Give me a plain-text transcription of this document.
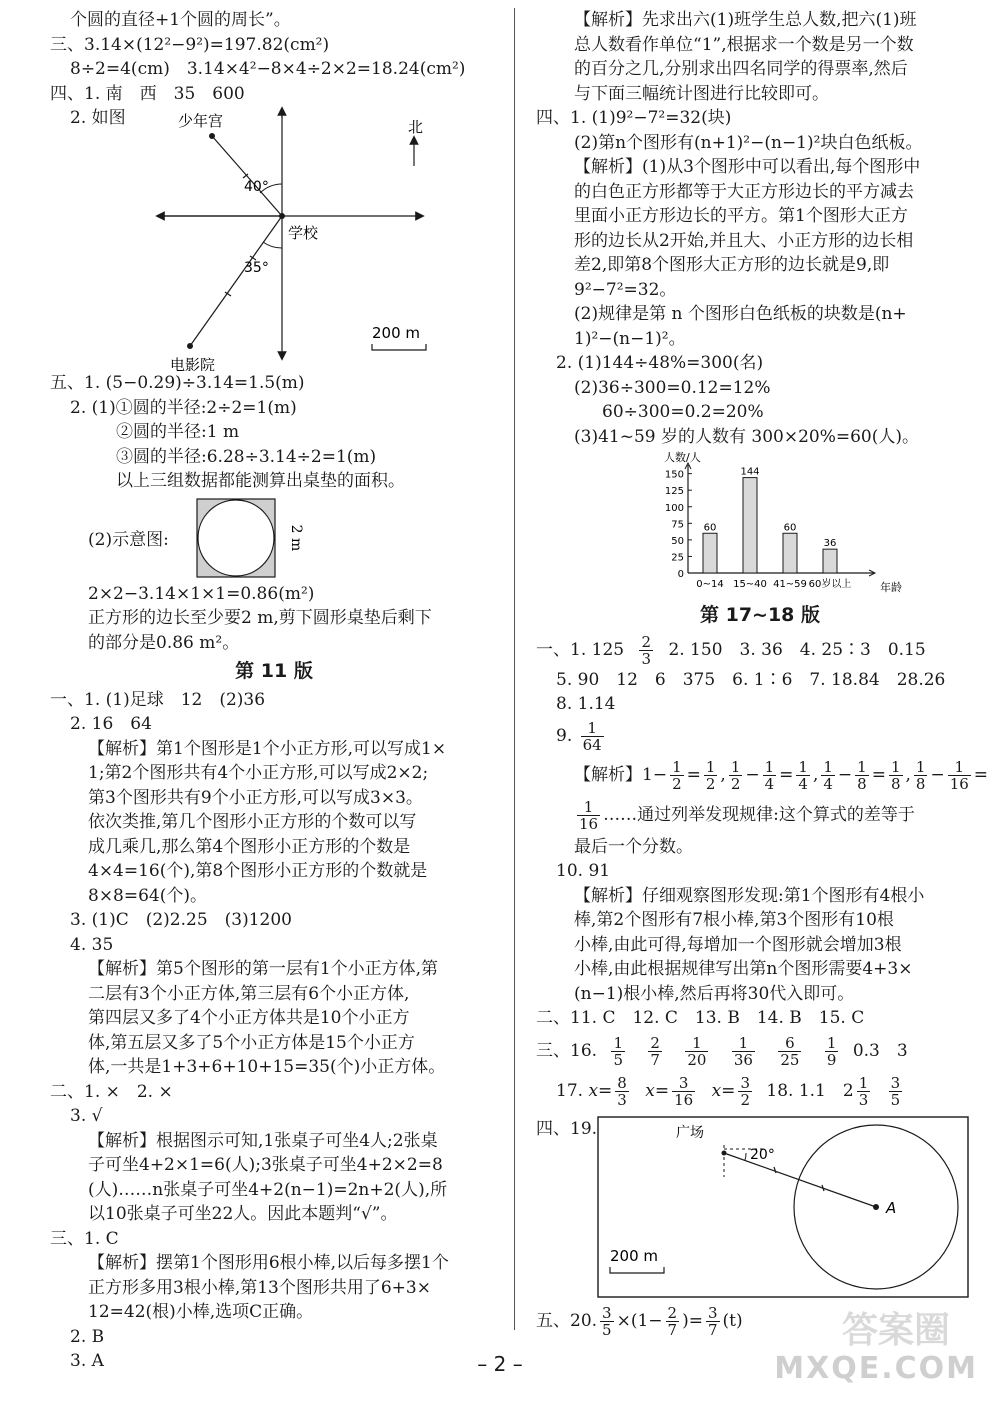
个圆的直径+1个圆的周长”。
三、3.14×(12²−9²)=197.82(cm²)
8÷2=4(cm)　3.14×4²−8×4÷2×2=18.24(cm²)
四、1. 南　西　35　600
2. 如图
40°
35°
少年宫
学校
电影院
北
200 m
五、1. (5−0.29)÷3.14=1.5(m)
2. (1)①圆的半径:2÷2=1(m)
②圆的半径:1 m
③圆的半径:6.28÷3.14÷2=1(m)
以上三组数据都能测算出桌垫的面积。
(2)示意图:	2 m
2×2−3.14×1×1=0.86(m²)
正方形的边长至少要2 m,剪下圆形桌垫后剩下
的部分是0.86 m²。
第 11 版
一、1. (1)足球　12　(2)36
2. 16　64
【解析】第1个图形是1个小正方形,可以写成1×
1;第2个图形共有4个小正方形,可以写成2×2;
第3个图形共有9个小正方形,可以写成3×3。
依次类推,第几个图形小正方形的个数可以写
成几乘几,那么第4个图形小正方形的个数是
4×4=16(个),第8个图形小正方形的个数就是
8×8=64(个)。
3. (1)C　(2)2.25　(3)1200
4. 35
【解析】第5个图形的第一层有1个小正方体,第
二层有3个小正方体,第三层有6个小正方体,
第四层又多了4个小正方体共是10个小正方
体,第五层又多了5个小正方体是15个小正方
体,一共是1+3+6+10+15=35(个)小正方体。
二、1. ×　2. ×
3. √
【解析】根据图示可知,1张桌子可坐4人;2张桌
子可坐4+2×1=6(人);3张桌子可坐4+2×2=8
(人)……n张桌子可坐4+2(n−1)=2n+2(人),所
以10张桌子可坐22人。因此本题判“√”。
三、1. C
【解析】摆第1个图形用6根小棒,以后每多摆1个
正方形多用3根小棒,第13个图形共用了6+3×
12=42(根)小棒,选项C正确。
2. B
3. A
【解析】先求出六(1)班学生总人数,把六(1)班
总人数看作单位“1”,根据求一个数是另一个数
的百分之几,分别求出四名同学的得票率,然后
与下面三幅统计图进行比较即可。
四、1. (1)9²−7²=32(块)
(2)第n个图形有(n+1)²−(n−1)²块白色纸板。
【解析】(1)从3个图形中可以看出,每个图形中
的白色正方形都等于大正方形边长的平方减去
里面小正方形边长的平方。第1个图形大正方
形的边长从2开始,并且大、小正方形的边长相
差2,即第8个图形大正方形的边长就是9,即
9²−7²=32。
(2)规律是第 n 个图形白色纸板的块数是(n+
1)²−(n−1)²。
2. (1)144÷48%=300(名)
(2)36÷300=0.12=12%
60÷300=0.2=20%
(3)41~59 岁的人数有 300×20%=60(人)。
人数/人
年龄
0
25
50
75
100
125
150
60
0~14
144
15~40
60
41~59
36
60岁以上
第 17~18 版
一、1. $125 \frac{2}{3} 2$. 150　3. 36　4. 25∶3　0.15
5. 90　12　6　375　6. 1∶6　7. 18.84　28.26
8. 1.14
9. $\frac{1}{64}$
【解析】$1- \frac{1}{2} = \frac{1}{2}$ , $\frac{1}{2} - \frac{1}{4} = \frac{1}{4}$ , $\frac{1}{4} - \frac{1}{8} = \frac{1}{8}$ , $\frac{1}{8} - \frac{1}{16}$ =
$\frac{1}{16}$ ……通过列举发现规律:这个算式的差等于
最后一个分数。
10. 91
【解析】仔细观察图形发现:第1个图形有4根小
棒,第2个图形有7根小棒,第3个图形有10根
小棒,由此可得,每增加一个图形就会增加3根
小棒,由此根据规律写出第n个图形需要4+3×
(n−1)根小棒,然后再将30代入即可。
二、11. C　12. C　13. B　14. B　15. C
三、16. $\frac{1}{5}$
$\frac{2}{7}$
$\frac{1}{20}$
$\frac{1}{36}$
$\frac{6}{25}$
$\frac{1}{9} 0.3$　3
17. $x= \frac{8}{3} x= \frac{3}{16} x= \frac{3}{2} 18$. 1.1　$2 \frac{1}{3}$
$\frac{3}{5}$
四、19.	广场
20°
A
200 m
五、20. $\frac{3}{5} \times(1- \frac{2}{7}$ )= $\frac{3}{7} (t)$
– 2 –
答案圈
MXQE.COM
